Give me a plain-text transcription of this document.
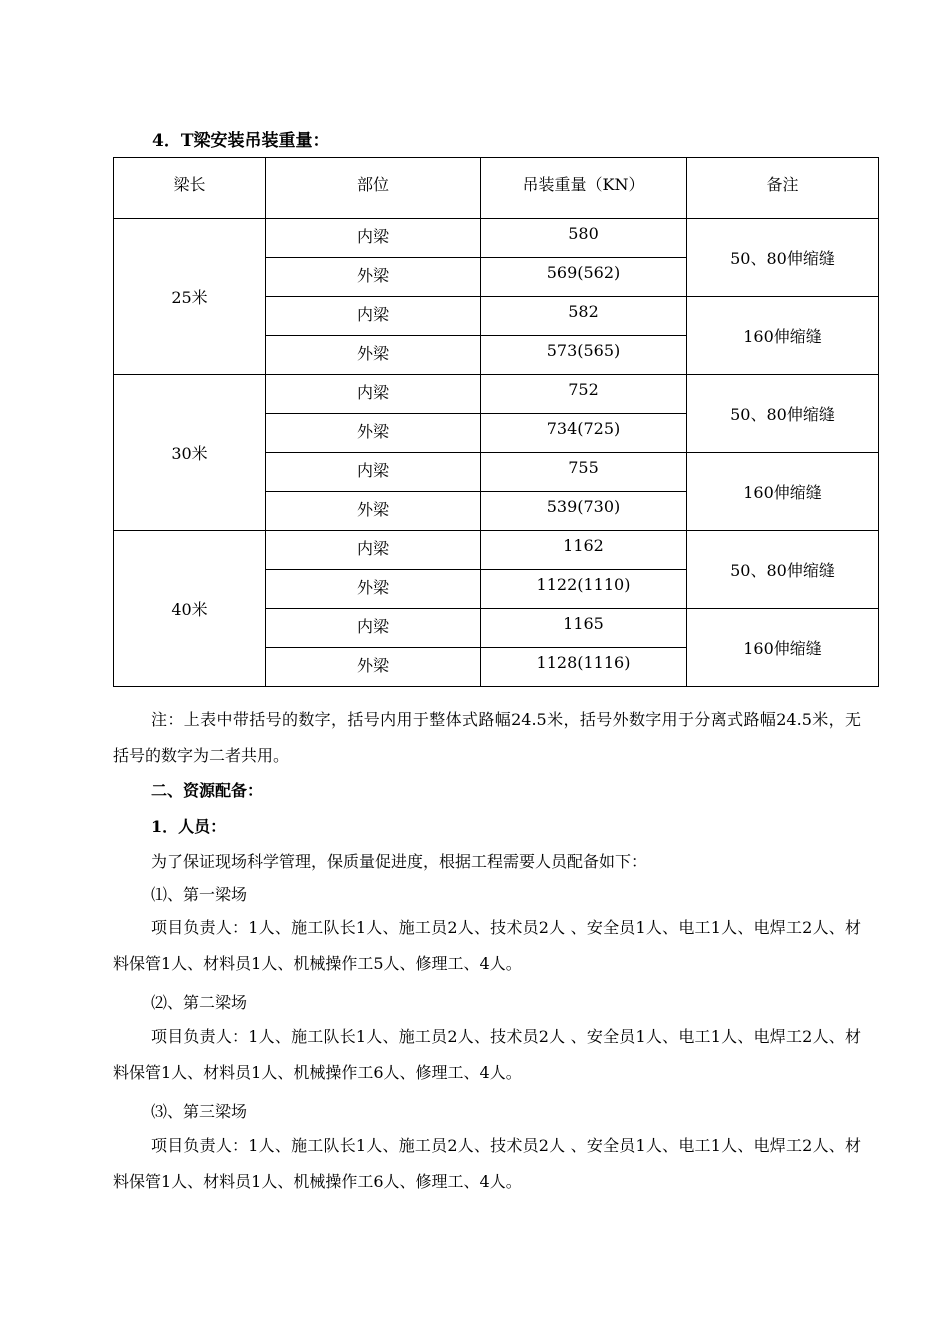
4．T梁安装吊装重量：
梁长	部位	吊装重量（KN）	备注
25米	内梁	580	50、80伸缩缝
	外梁	569(562)	
	内梁	582	160伸缩缝
	外梁	573(565)	
30米	内梁	752	50、80伸缩缝
	外梁	734(725)	
	内梁	755	160伸缩缝
	外梁	539(730)	
40米	内梁	1162	50、80伸缩缝
	外梁	1122(1110)	
	内梁	1165	160伸缩缝
	外梁	1128(1116)	
注：上表中带括号的数字，括号内用于整体式路幅24.5米，括号外数字用于分离式路幅24.5米，无括号的数字为二者共用。
二、资源配备：
1．人员：
为了保证现场科学管理，保质量促进度，根据工程需要人员配备如下：
⑴、第一梁场
项目负责人：1人、施工队长1人、施工员2人、技术员2人 、安全员1人、电工1人、电焊工2人、材料保管1人、材料员1人、机械操作工5人、修理工、4人。
⑵、第二梁场
项目负责人：1人、施工队长1人、施工员2人、技术员2人 、安全员1人、电工1人、电焊工2人、材料保管1人、材料员1人、机械操作工6人、修理工、4人。
⑶、第三梁场
项目负责人：1人、施工队长1人、施工员2人、技术员2人 、安全员1人、电工1人、电焊工2人、材料保管1人、材料员1人、机械操作工6人、修理工、4人。
